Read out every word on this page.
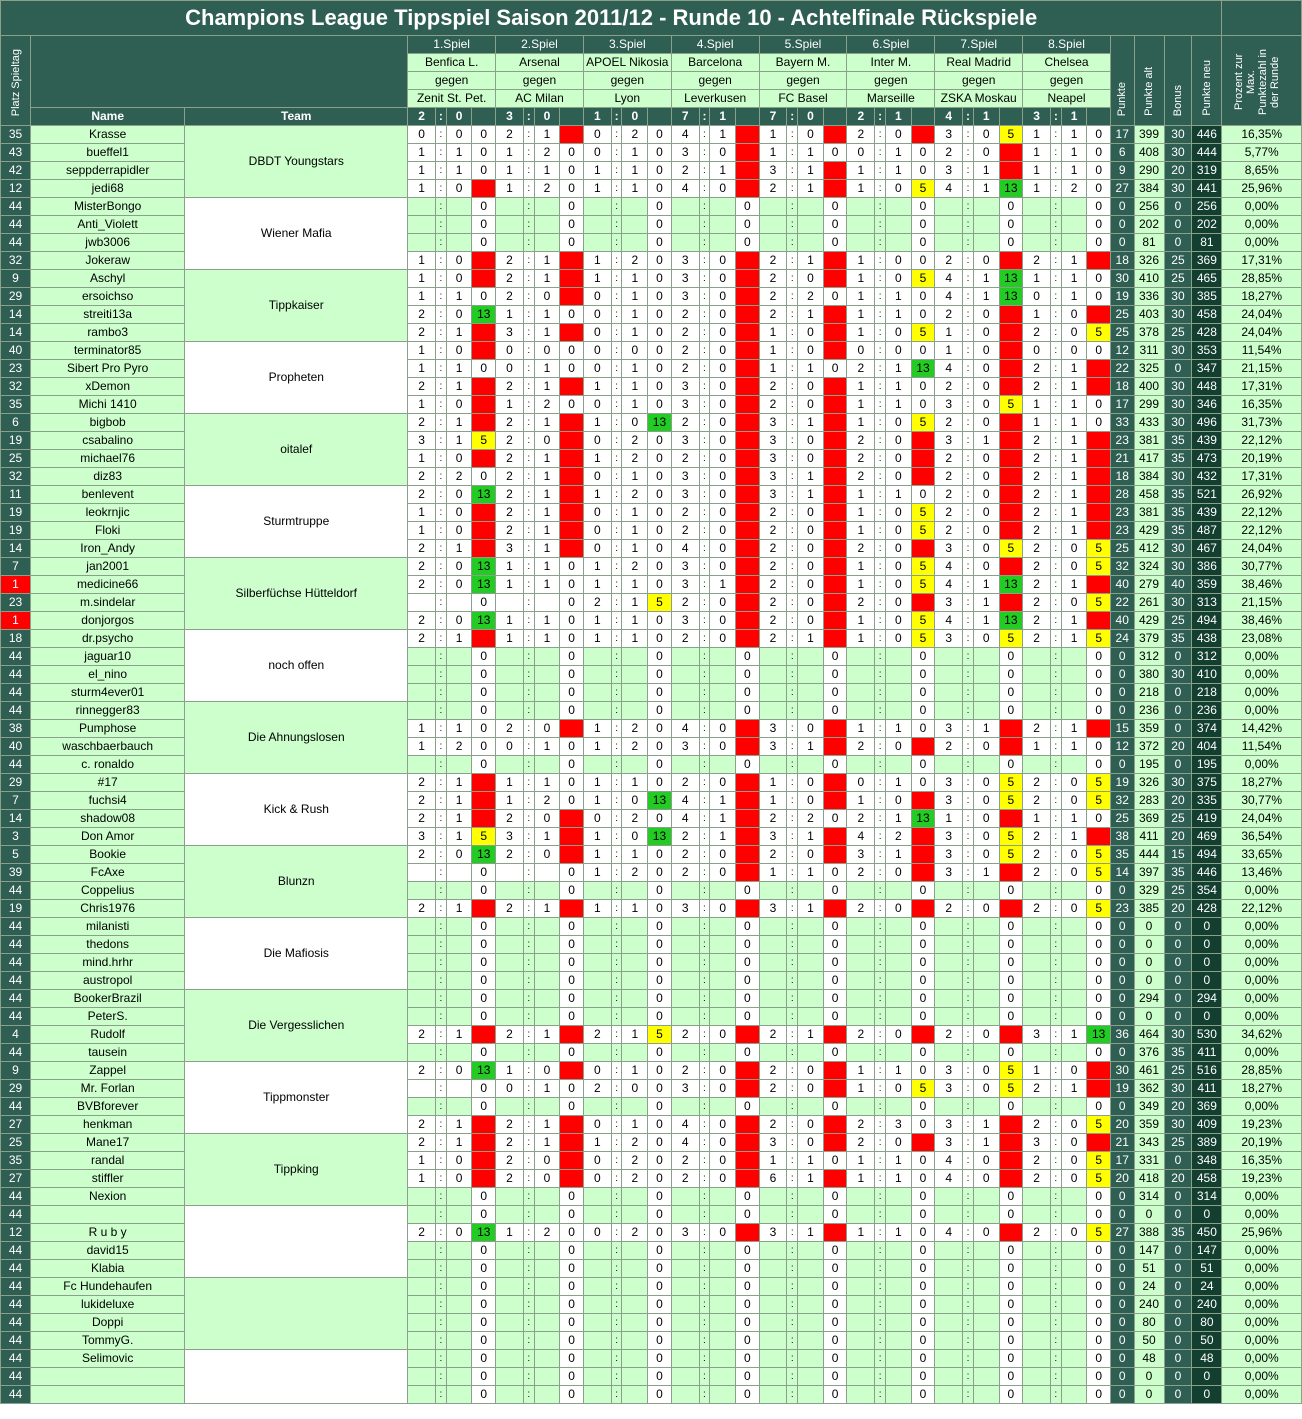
Champions League Tippspiel Saison 2011/12 - Runde 10 - Achtelfinale Rückspiele																																							
Platz Spieltag			1.Spiel				2.Spiel				3.Spiel				4.Spiel				5.Spiel				6.Spiel				7.Spiel				8.Spiel				Punkte	Punkte alt	Bonus	Punkte neu	Prozent zur Max. Punktezahl in der Runde
			Benfica L.				Arsenal				APOEL Nikosia				Barcelona				Bayern M.				Inter M.				Real Madrid				Chelsea								
			gegen				gegen				gegen				gegen				gegen				gegen				gegen				gegen								
			Zenit St. Pet.				AC Milan				Lyon				Leverkusen				FC Basel				Marseille				ZSKA Moskau				Neapel								
	Name	Team	2	:	0		3	:	0		1	:	0		7	:	1		7	:	0		2	:	1		4	:	1		3	:	1						
35	Krasse	DBDT Youngstars	0	:	0	0	2	:	1	3	0	:	2	0	4	:	1	3	1	:	0	3	2	:	0	3	3	:	0	5	1	:	1	0	17	399	30	446	16,35%
43	bueffel1		1	:	1	0	1	:	2	0	0	:	1	0	3	:	0	3	1	:	1	0	0	:	1	0	2	:	0	3	1	:	1	0	6	408	30	444	5,77%
42	seppderrapidler		1	:	1	0	1	:	1	0	1	:	1	0	2	:	1	3	3	:	1	3	1	:	1	0	3	:	1	3	1	:	1	0	9	290	20	319	8,65%
12	jedi68		1	:	0	3	1	:	2	0	1	:	1	0	4	:	0	3	2	:	1	3	1	:	0	5	4	:	1	13	1	:	2	0	27	384	30	441	25,96%
44	MisterBongo	Wiener Mafia		:		0		:		0		:		0		:		0		:		0		:		0		:		0		:		0	0	256	0	256	0,00%
44	Anti_Violett			:		0		:		0		:		0		:		0		:		0		:		0		:		0		:		0	0	202	0	202	0,00%
44	jwb3006			:		0		:		0		:		0		:		0		:		0		:		0		:		0		:		0	0	81	0	81	0,00%
32	Jokeraw		1	:	0	3	2	:	1	3	1	:	2	0	3	:	0	3	2	:	1	3	1	:	0	0	2	:	0	3	2	:	1	3	18	326	25	369	17,31%
9	Aschyl	Tippkaiser	1	:	0	3	2	:	1	3	1	:	1	0	3	:	0	3	2	:	0	3	1	:	0	5	4	:	1	13	1	:	1	0	30	410	25	465	28,85%
29	ersoichso		1	:	1	0	2	:	0	3	0	:	1	0	3	:	0	3	2	:	2	0	1	:	1	0	4	:	1	13	0	:	1	0	19	336	30	385	18,27%
14	streiti13a		2	:	0	13	1	:	1	0	0	:	1	0	2	:	0	3	2	:	1	3	1	:	1	0	2	:	0	3	1	:	0	3	25	403	30	458	24,04%
14	rambo3		2	:	1	3	3	:	1	3	0	:	1	0	2	:	0	3	1	:	0	3	1	:	0	5	1	:	0	3	2	:	0	5	25	378	25	428	24,04%
40	terminator85	Propheten	1	:	0	3	0	:	0	0	0	:	0	0	2	:	0	3	1	:	0	3	0	:	0	0	1	:	0	3	0	:	0	0	12	311	30	353	11,54%
23	Sibert Pro Pyro		1	:	1	0	0	:	1	0	0	:	1	0	2	:	0	3	1	:	1	0	2	:	1	13	4	:	0	3	2	:	1	3	22	325	0	347	21,15%
32	xDemon		2	:	1	3	2	:	1	3	1	:	1	0	3	:	0	3	2	:	0	3	1	:	1	0	2	:	0	3	2	:	1	3	18	400	30	448	17,31%
35	Michi 1410		1	:	0	3	1	:	2	0	0	:	1	0	3	:	0	3	2	:	0	3	1	:	1	0	3	:	0	5	1	:	1	0	17	299	30	346	16,35%
6	bigbob	oitalef	2	:	1	3	2	:	1	3	1	:	0	13	2	:	0	3	3	:	1	3	1	:	0	5	2	:	0	3	1	:	1	0	33	433	30	496	31,73%
19	csabalino		3	:	1	5	2	:	0	3	0	:	2	0	3	:	0	3	3	:	0	3	2	:	0	3	3	:	1	3	2	:	1	3	23	381	35	439	22,12%
25	michael76		1	:	0	3	2	:	1	3	1	:	2	0	2	:	0	3	3	:	0	3	2	:	0	3	2	:	0	3	2	:	1	3	21	417	35	473	20,19%
32	diz83		2	:	2	0	2	:	1	3	0	:	1	0	3	:	0	3	3	:	1	3	2	:	0	3	2	:	0	3	2	:	1	3	18	384	30	432	17,31%
11	benlevent	Sturmtruppe	2	:	0	13	2	:	1	3	1	:	2	0	3	:	0	3	3	:	1	3	1	:	1	0	2	:	0	3	2	:	1	3	28	458	35	521	26,92%
19	leokrnjic		1	:	0	3	2	:	1	3	0	:	1	0	2	:	0	3	2	:	0	3	1	:	0	5	2	:	0	3	2	:	1	3	23	381	35	439	22,12%
19	Floki		1	:	0	3	2	:	1	3	0	:	1	0	2	:	0	3	2	:	0	3	1	:	0	5	2	:	0	3	2	:	1	3	23	429	35	487	22,12%
14	Iron_Andy		2	:	1	3	3	:	1	3	0	:	1	0	4	:	0	3	2	:	0	3	2	:	0	3	3	:	0	5	2	:	0	5	25	412	30	467	24,04%
7	jan2001	Silberfüchse Hütteldorf	2	:	0	13	1	:	1	0	1	:	2	0	3	:	0	3	2	:	0	3	1	:	0	5	4	:	0	3	2	:	0	5	32	324	30	386	30,77%
1	medicine66		2	:	0	13	1	:	1	0	1	:	1	0	3	:	1	3	2	:	0	3	1	:	0	5	4	:	1	13	2	:	1	3	40	279	40	359	38,46%
23	m.sindelar			:		0		:		0	2	:	1	5	2	:	0	3	2	:	0	3	2	:	0	3	3	:	1	3	2	:	0	5	22	261	30	313	21,15%
1	donjorgos		2	:	0	13	1	:	1	0	1	:	1	0	3	:	0	3	2	:	0	3	1	:	0	5	4	:	1	13	2	:	1	3	40	429	25	494	38,46%
18	dr.psycho	noch offen	2	:	1	3	1	:	1	0	1	:	1	0	2	:	0	3	2	:	1	3	1	:	0	5	3	:	0	5	2	:	1	5	24	379	35	438	23,08%
44	jaguar10			:		0		:		0		:		0		:		0		:		0		:		0		:		0		:		0	0	312	0	312	0,00%
44	el_nino			:		0		:		0		:		0		:		0		:		0		:		0		:		0		:		0	0	380	30	410	0,00%
44	sturm4ever01			:		0		:		0		:		0		:		0		:		0		:		0		:		0		:		0	0	218	0	218	0,00%
44	rinnegger83	Die Ahnungslosen		:		0		:		0		:		0		:		0		:		0		:		0		:		0		:		0	0	236	0	236	0,00%
38	Pumphose		1	:	1	0	2	:	0	3	1	:	2	0	4	:	0	3	3	:	0	3	1	:	1	0	3	:	1	3	2	:	1	3	15	359	0	374	14,42%
40	waschbaerbauch		1	:	2	0	0	:	1	0	1	:	2	0	3	:	0	3	3	:	1	3	2	:	0	3	2	:	0	3	1	:	1	0	12	372	20	404	11,54%
44	c. ronaldo			:		0		:		0		:		0		:		0		:		0		:		0		:		0		:		0	0	195	0	195	0,00%
29	#17	Kick & Rush	2	:	1	3	1	:	1	0	1	:	1	0	2	:	0	3	1	:	0	3	0	:	1	0	3	:	0	5	2	:	0	5	19	326	30	375	18,27%
7	fuchsi4		2	:	1	3	1	:	2	0	1	:	0	13	4	:	1	3	1	:	0	3	1	:	0	3	3	:	0	5	2	:	0	5	32	283	20	335	30,77%
14	shadow08		2	:	1	3	2	:	0	3	0	:	2	0	4	:	1	3	2	:	2	0	2	:	1	13	1	:	0	3	1	:	1	0	25	369	25	419	24,04%
3	Don Amor		3	:	1	5	3	:	1	3	1	:	0	13	2	:	1	3	3	:	1	3	4	:	2	3	3	:	0	5	2	:	1	3	38	411	20	469	36,54%
5	Bookie	Blunzn	2	:	0	13	2	:	0	3	1	:	1	0	2	:	0	3	2	:	0	3	3	:	1	3	3	:	0	5	2	:	0	5	35	444	15	494	33,65%
39	FcAxe			:		0		:		0	1	:	2	0	2	:	0	3	1	:	1	0	2	:	0	3	3	:	1	3	2	:	0	5	14	397	35	446	13,46%
44	Coppelius			:		0		:		0		:		0		:		0		:		0		:		0		:		0		:		0	0	329	25	354	0,00%
19	Chris1976		2	:	1	3	2	:	1	3	1	:	1	0	3	:	0	3	3	:	1	3	2	:	0	3	2	:	0	3	2	:	0	5	23	385	20	428	22,12%
44	milanisti	Die Mafiosis		:		0		:		0		:		0		:		0		:		0		:		0		:		0		:		0	0	0	0	0	0,00%
44	thedons			:		0		:		0		:		0		:		0		:		0		:		0		:		0		:		0	0	0	0	0	0,00%
44	mind.hrhr			:		0		:		0		:		0		:		0		:		0		:		0		:		0		:		0	0	0	0	0	0,00%
44	austropol			:		0		:		0		:		0		:		0		:		0		:		0		:		0		:		0	0	0	0	0	0,00%
44	BookerBrazil	Die Vergesslichen		:		0		:		0		:		0		:		0		:		0		:		0		:		0		:		0	0	294	0	294	0,00%
44	PeterS.			:		0		:		0		:		0		:		0		:		0		:		0		:		0		:		0	0	0	0	0	0,00%
4	Rudolf		2	:	1	3	2	:	1	3	2	:	1	5	2	:	0	3	2	:	1	3	2	:	0	3	2	:	0	3	3	:	1	13	36	464	30	530	34,62%
44	tausein			:		0		:		0		:		0		:		0		:		0		:		0		:		0		:		0	0	376	35	411	0,00%
9	Zappel	Tippmonster	2	:	0	13	1	:	0	3	0	:	1	0	2	:	0	3	2	:	0	3	1	:	1	0	3	:	0	5	1	:	0	3	30	461	25	516	28,85%
29	Mr. Forlan			:		0	0	:	1	0	2	:	0	0	3	:	0	3	2	:	0	3	1	:	0	5	3	:	0	5	2	:	1	3	19	362	30	411	18,27%
44	BVBforever			:		0		:		0		:		0		:		0		:		0		:		0		:		0		:		0	0	349	20	369	0,00%
27	henkman		2	:	1	3	2	:	1	3	0	:	1	0	4	:	0	3	2	:	0	3	2	:	3	0	3	:	1	3	2	:	0	5	20	359	30	409	19,23%
25	Mane17	Tippking	2	:	1	3	2	:	1	3	1	:	2	0	4	:	0	3	3	:	0	3	2	:	0	3	3	:	1	3	3	:	0	3	21	343	25	389	20,19%
35	randal		1	:	0	3	2	:	0	3	0	:	2	0	2	:	0	3	1	:	1	0	1	:	1	0	4	:	0	3	2	:	0	5	17	331	0	348	16,35%
27	stiffler		1	:	0	3	2	:	0	3	0	:	2	0	2	:	0	3	6	:	1	3	1	:	1	0	4	:	0	3	2	:	0	5	20	418	20	458	19,23%
44	Nexion			:		0		:		0		:		0		:		0		:		0		:		0		:		0		:		0	0	314	0	314	0,00%
44				:		0		:		0		:		0		:		0		:		0		:		0		:		0		:		0	0	0	0	0	0,00%
12	R u b y		2	:	0	13	1	:	2	0	0	:	2	0	3	:	0	3	3	:	1	3	1	:	1	0	4	:	0	3	2	:	0	5	27	388	35	450	25,96%
44	david15			:		0		:		0		:		0		:		0		:		0		:		0		:		0		:		0	0	147	0	147	0,00%
44	Klabia			:		0		:		0		:		0		:		0		:		0		:		0		:		0		:		0	0	51	0	51	0,00%
44	Fc Hundehaufen			:		0		:		0		:		0		:		0		:		0		:		0		:		0		:		0	0	24	0	24	0,00%
44	lukideluxe			:		0		:		0		:		0		:		0		:		0		:		0		:		0		:		0	0	240	0	240	0,00%
44	Doppi			:		0		:		0		:		0		:		0		:		0		:		0		:		0		:		0	0	80	0	80	0,00%
44	TommyG.			:		0		:		0		:		0		:		0		:		0		:		0		:		0		:		0	0	50	0	50	0,00%
44	Selimovic			:		0		:		0		:		0		:		0		:		0		:		0		:		0		:		0	0	48	0	48	0,00%
44				:		0		:		0		:		0		:		0		:		0		:		0		:		0		:		0	0	0	0	0	0,00%
44				:		0		:		0		:		0		:		0		:		0		:		0		:		0		:		0	0	0	0	0	0,00%
